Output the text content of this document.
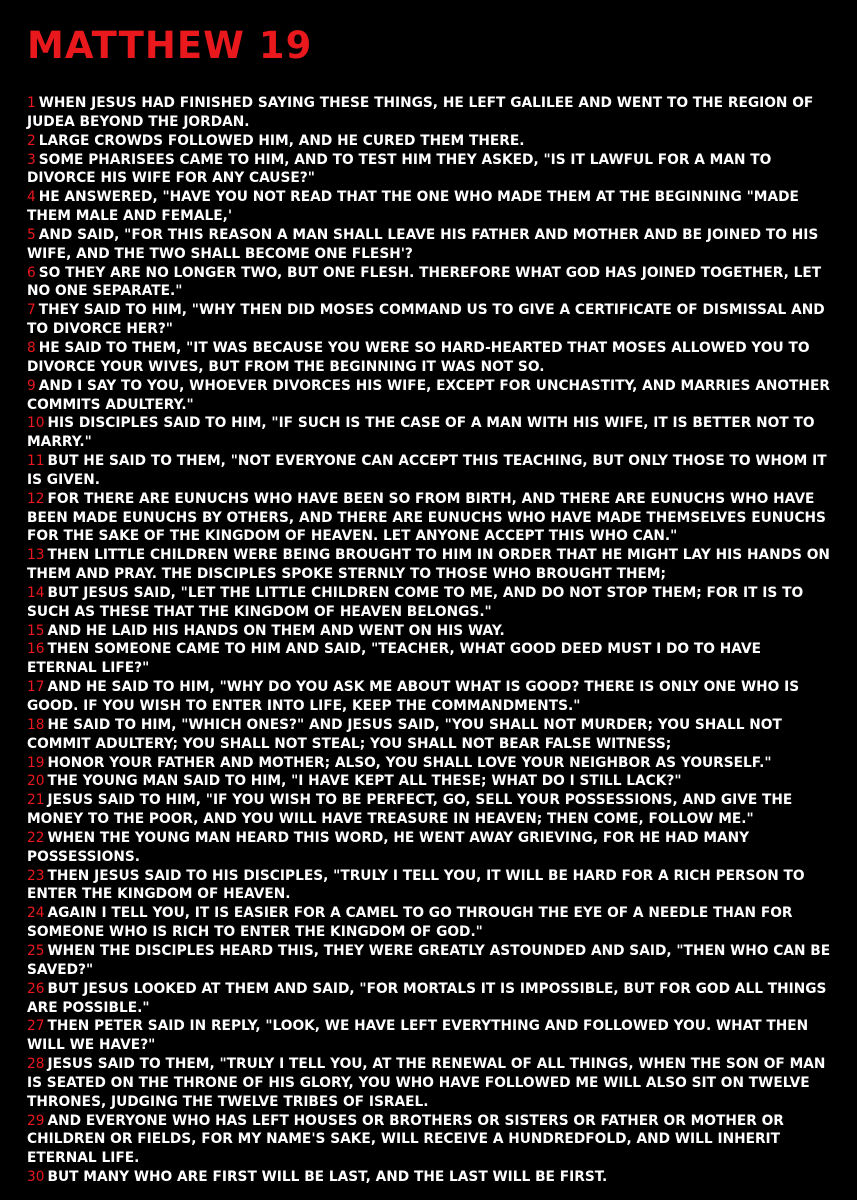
MATTHEW 19

1 WHEN JESUS HAD FINISHED SAYING THESE THINGS, HE LEFT GALILEE AND WENT TO THE REGION OF JUDEA BEYOND THE JORDAN.

2 LARGE CROWDS FOLLOWED HIM, AND HE CURED THEM THERE.

3 SOME PHARISEES CAME TO HIM, AND TO TEST HIM THEY ASKED, "IS IT LAWFUL FOR A MAN TO DIVORCE HIS WIFE FOR ANY CAUSE?"

4 HE ANSWERED, "HAVE YOU NOT READ THAT THE ONE WHO MADE THEM AT THE BEGINNING "MADE THEM MALE AND FEMALE,'

5 AND SAID, "FOR THIS REASON A MAN SHALL LEAVE HIS FATHER AND MOTHER AND BE JOINED TO HIS WIFE, AND THE TWO SHALL BECOME ONE FLESH'?

6 SO THEY ARE NO LONGER TWO, BUT ONE FLESH. THEREFORE WHAT GOD HAS JOINED TOGETHER, LET NO ONE SEPARATE."

7 THEY SAID TO HIM, "WHY THEN DID MOSES COMMAND US TO GIVE A CERTIFICATE OF DISMISSAL AND TO DIVORCE HER?"

8 HE SAID TO THEM, "IT WAS BECAUSE YOU WERE SO HARD-HEARTED THAT MOSES ALLOWED YOU TO DIVORCE YOUR WIVES, BUT FROM THE BEGINNING IT WAS NOT SO.

9 AND I SAY TO YOU, WHOEVER DIVORCES HIS WIFE, EXCEPT FOR UNCHASTITY, AND MARRIES ANOTHER COMMITS ADULTERY."

10 HIS DISCIPLES SAID TO HIM, "IF SUCH IS THE CASE OF A MAN WITH HIS WIFE, IT IS BETTER NOT TO MARRY."

11 BUT HE SAID TO THEM, "NOT EVERYONE CAN ACCEPT THIS TEACHING, BUT ONLY THOSE TO WHOM IT IS GIVEN.

12 FOR THERE ARE EUNUCHS WHO HAVE BEEN SO FROM BIRTH, AND THERE ARE EUNUCHS WHO HAVE BEEN MADE EUNUCHS BY OTHERS, AND THERE ARE EUNUCHS WHO HAVE MADE THEMSELVES EUNUCHS FOR THE SAKE OF THE KINGDOM OF HEAVEN. LET ANYONE ACCEPT THIS WHO CAN."

13 THEN LITTLE CHILDREN WERE BEING BROUGHT TO HIM IN ORDER THAT HE MIGHT LAY HIS HANDS ON THEM AND PRAY. THE DISCIPLES SPOKE STERNLY TO THOSE WHO BROUGHT THEM;

14 BUT JESUS SAID, "LET THE LITTLE CHILDREN COME TO ME, AND DO NOT STOP THEM; FOR IT IS TO SUCH AS THESE THAT THE KINGDOM OF HEAVEN BELONGS."

15 AND HE LAID HIS HANDS ON THEM AND WENT ON HIS WAY.

16 THEN SOMEONE CAME TO HIM AND SAID, "TEACHER, WHAT GOOD DEED MUST I DO TO HAVE ETERNAL LIFE?"

17 AND HE SAID TO HIM, "WHY DO YOU ASK ME ABOUT WHAT IS GOOD? THERE IS ONLY ONE WHO IS GOOD. IF YOU WISH TO ENTER INTO LIFE, KEEP THE COMMANDMENTS."

18 HE SAID TO HIM, "WHICH ONES?" AND JESUS SAID, "YOU SHALL NOT MURDER; YOU SHALL NOT COMMIT ADULTERY; YOU SHALL NOT STEAL; YOU SHALL NOT BEAR FALSE WITNESS;

19 HONOR YOUR FATHER AND MOTHER; ALSO, YOU SHALL LOVE YOUR NEIGHBOR AS YOURSELF."

20 THE YOUNG MAN SAID TO HIM, "I HAVE KEPT ALL THESE; WHAT DO I STILL LACK?"

21 JESUS SAID TO HIM, "IF YOU WISH TO BE PERFECT, GO, SELL YOUR POSSESSIONS, AND GIVE THE MONEY TO THE POOR, AND YOU WILL HAVE TREASURE IN HEAVEN; THEN COME, FOLLOW ME."

22 WHEN THE YOUNG MAN HEARD THIS WORD, HE WENT AWAY GRIEVING, FOR HE HAD MANY POSSESSIONS.

23 THEN JESUS SAID TO HIS DISCIPLES, "TRULY I TELL YOU, IT WILL BE HARD FOR A RICH PERSON TO ENTER THE KINGDOM OF HEAVEN.

24 AGAIN I TELL YOU, IT IS EASIER FOR A CAMEL TO GO THROUGH THE EYE OF A NEEDLE THAN FOR SOMEONE WHO IS RICH TO ENTER THE KINGDOM OF GOD."

25 WHEN THE DISCIPLES HEARD THIS, THEY WERE GREATLY ASTOUNDED AND SAID, "THEN WHO CAN BE SAVED?"

26 BUT JESUS LOOKED AT THEM AND SAID, "FOR MORTALS IT IS IMPOSSIBLE, BUT FOR GOD ALL THINGS ARE POSSIBLE."

27 THEN PETER SAID IN REPLY, "LOOK, WE HAVE LEFT EVERYTHING AND FOLLOWED YOU. WHAT THEN WILL WE HAVE?"

28 JESUS SAID TO THEM, "TRULY I TELL YOU, AT THE RENEWAL OF ALL THINGS, WHEN THE SON OF MAN IS SEATED ON THE THRONE OF HIS GLORY, YOU WHO HAVE FOLLOWED ME WILL ALSO SIT ON TWELVE THRONES, JUDGING THE TWELVE TRIBES OF ISRAEL.

29 AND EVERYONE WHO HAS LEFT HOUSES OR BROTHERS OR SISTERS OR FATHER OR MOTHER OR CHILDREN OR FIELDS, FOR MY NAME'S SAKE, WILL RECEIVE A HUNDREDFOLD, AND WILL INHERIT ETERNAL LIFE.

30 BUT MANY WHO ARE FIRST WILL BE LAST, AND THE LAST WILL BE FIRST.
